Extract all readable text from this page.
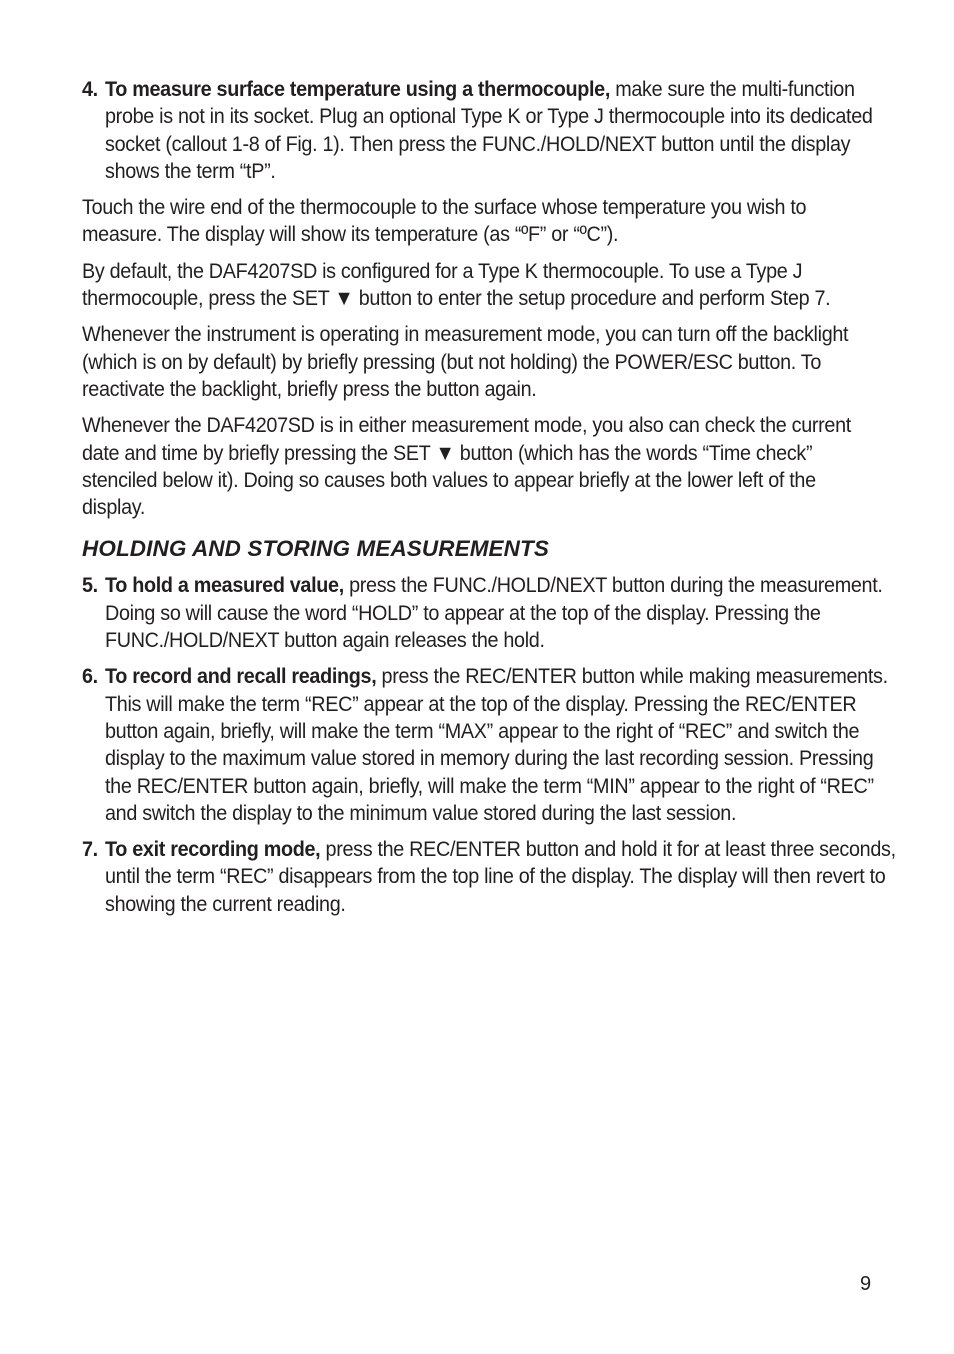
4. To measure surface temperature using a thermocouple, make sure the multi-function probe is not in its socket. Plug an optional Type K or Type J thermocouple into its dedicated socket (callout 1-8 of Fig. 1). Then press the FUNC./HOLD/NEXT button until the display shows the term “tP”.

Touch the wire end of the thermocouple to the surface whose temperature you wish to measure. The display will show its temperature (as “ºF” or “ºC”).

By default, the DAF4207SD is configured for a Type K thermocouple. To use a Type J thermocouple, press the SET ▼ button to enter the setup procedure and perform Step 7.

Whenever the instrument is operating in measurement mode, you can turn off the backlight (which is on by default) by briefly pressing (but not holding) the POWER/ESC button. To reactivate the backlight, briefly press the button again.

Whenever the DAF4207SD is in either measurement mode, you also can check the current date and time by briefly pressing the SET ▼ button (which has the words “Time check” stenciled below it). Doing so causes both values to appear briefly at the lower left of the display.

HOLDING AND STORING MEASUREMENTS
5. To hold a measured value, press the FUNC./HOLD/NEXT button during the measurement. Doing so will cause the word “HOLD” to appear at the top of the display. Pressing the FUNC./HOLD/NEXT button again releases the hold.
6. To record and recall readings, press the REC/ENTER button while making measurements. This will make the term “REC” appear at the top of the display. Pressing the REC/ENTER button again, briefly, will make the term “MAX” appear to the right of “REC” and switch the display to the maximum value stored in memory during the last recording session. Pressing the REC/ENTER button again, briefly, will make the term “MIN” appear to the right of “REC” and switch the display to the minimum value stored during the last session.
7. To exit recording mode, press the REC/ENTER button and hold it for at least three seconds, until the term “REC” disappears from the top line of the display. The display will then revert to showing the current reading.
9
